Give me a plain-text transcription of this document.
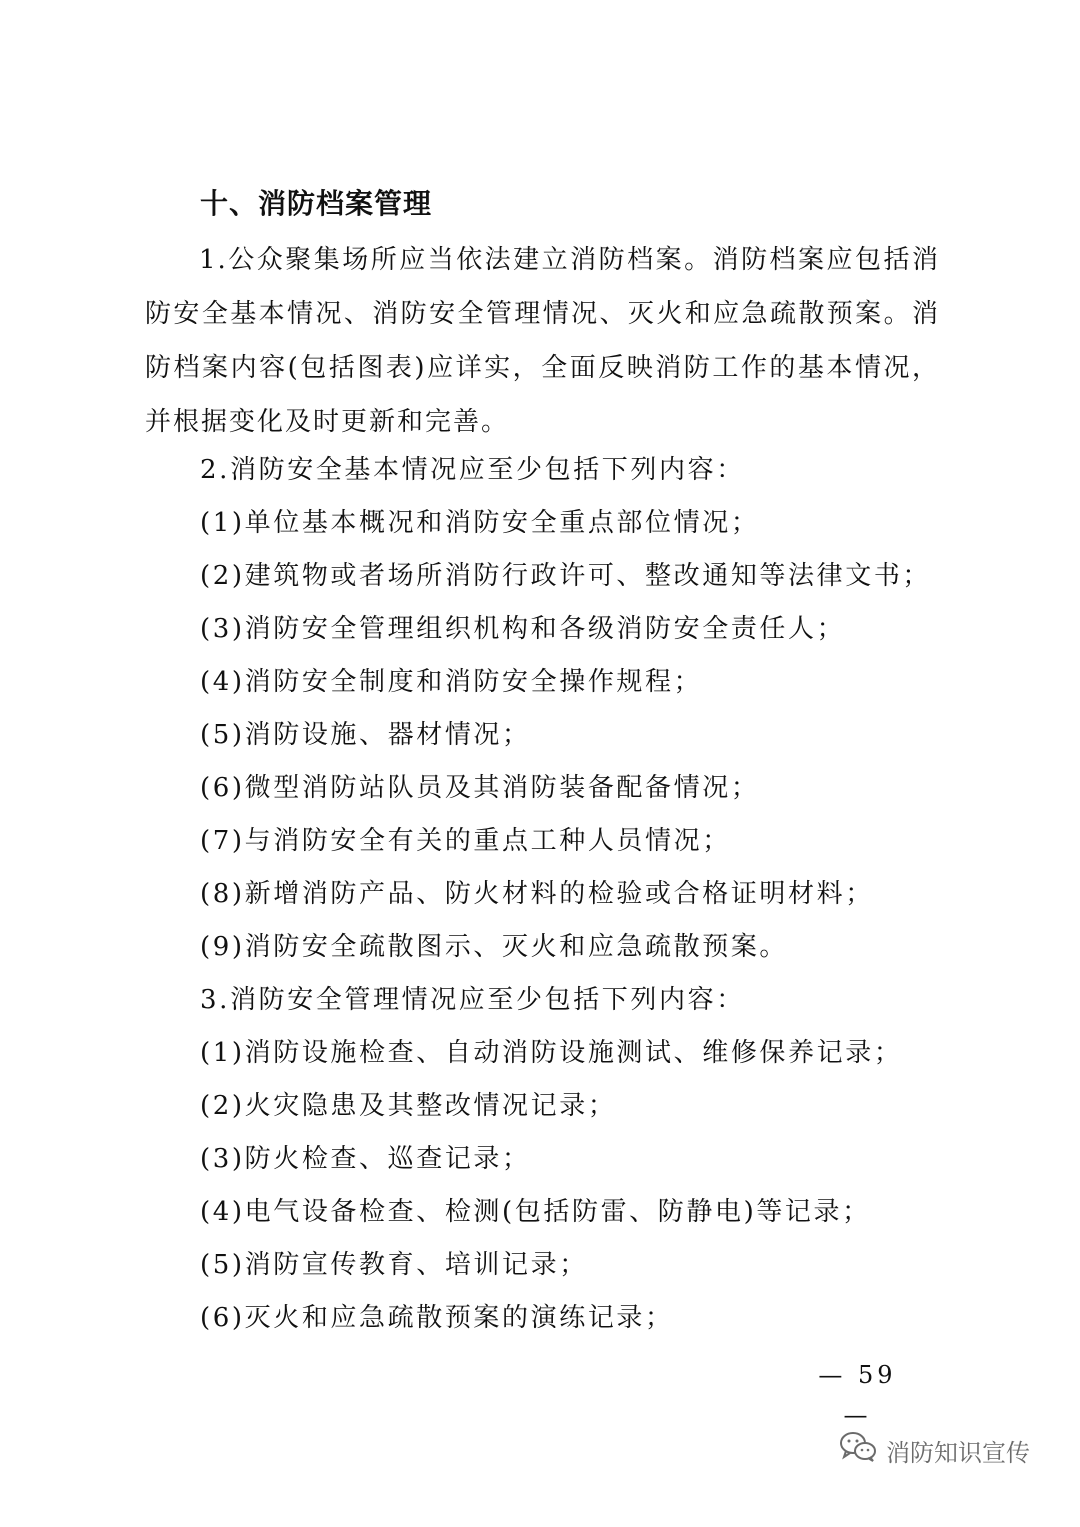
十、消防档案管理
1.公众聚集场所应当依法建立消防档案。消防档案应包括消防安全基本情况、消防安全管理情况、灭火和应急疏散预案。消防档案内容(包括图表)应详实，全面反映消防工作的基本情况，并根据变化及时更新和完善。
2.消防安全基本情况应至少包括下列内容：
(1)单位基本概况和消防安全重点部位情况；
(2)建筑物或者场所消防行政许可、整改通知等法律文书；
(3)消防安全管理组织机构和各级消防安全责任人；
(4)消防安全制度和消防安全操作规程；
(5)消防设施、器材情况；
(6)微型消防站队员及其消防装备配备情况；
(7)与消防安全有关的重点工种人员情况；
(8)新增消防产品、防火材料的检验或合格证明材料；
(9)消防安全疏散图示、灭火和应急疏散预案。
3.消防安全管理情况应至少包括下列内容：
(1)消防设施检查、自动消防设施测试、维修保养记录；
(2)火灾隐患及其整改情况记录；
(3)防火检查、巡查记录；
(4)电气设备检查、检测(包括防雷、防静电)等记录；
(5)消防宣传教育、培训记录；
(6)灭火和应急疏散预案的演练记录；
— 59 —
消防知识宣传
